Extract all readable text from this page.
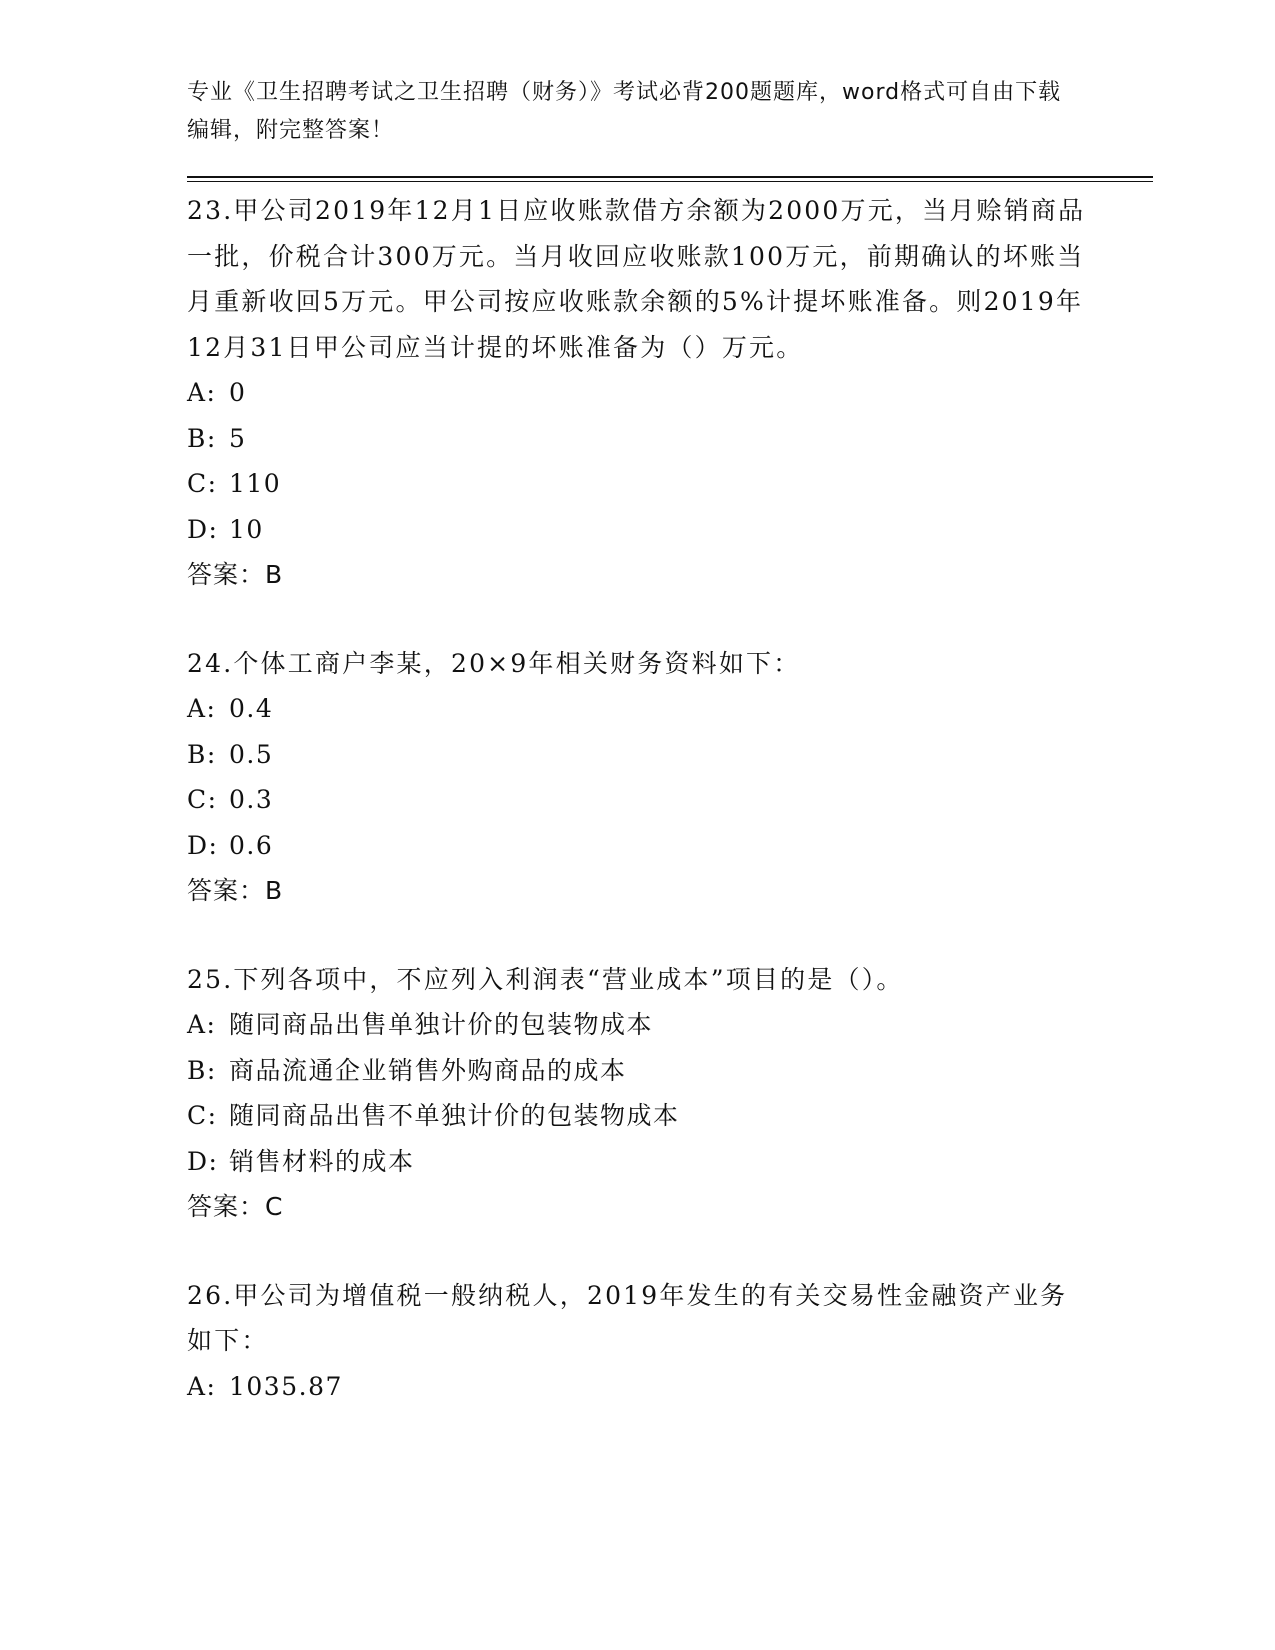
专业《卫生招聘考试之卫生招聘（财务）》考试必背200题题库，word格式可自由下载编辑，附完整答案！
23.甲公司2019年12月1日应收账款借方余额为2000万元，当月赊销商品一批，价税合计300万元。当月收回应收账款100万元，前期确认的坏账当月重新收回5万元。甲公司按应收账款余额的5%计提坏账准备。则2019年12月31日甲公司应当计提的坏账准备为（）万元。
A: 0
B: 5
C: 110
D: 10
答案：B
24.个体工商户李某，20×9年相关财务资料如下：
A: 0.4
B: 0.5
C: 0.3
D: 0.6
答案：B
25.下列各项中，不应列入利润表“营业成本”项目的是（）。
A: 随同商品出售单独计价的包装物成本
B: 商品流通企业销售外购商品的成本
C: 随同商品出售不单独计价的包装物成本
D: 销售材料的成本
答案：C
26.甲公司为增值税一般纳税人，2019年发生的有关交易性金融资产业务如下：
A: 1035.87
